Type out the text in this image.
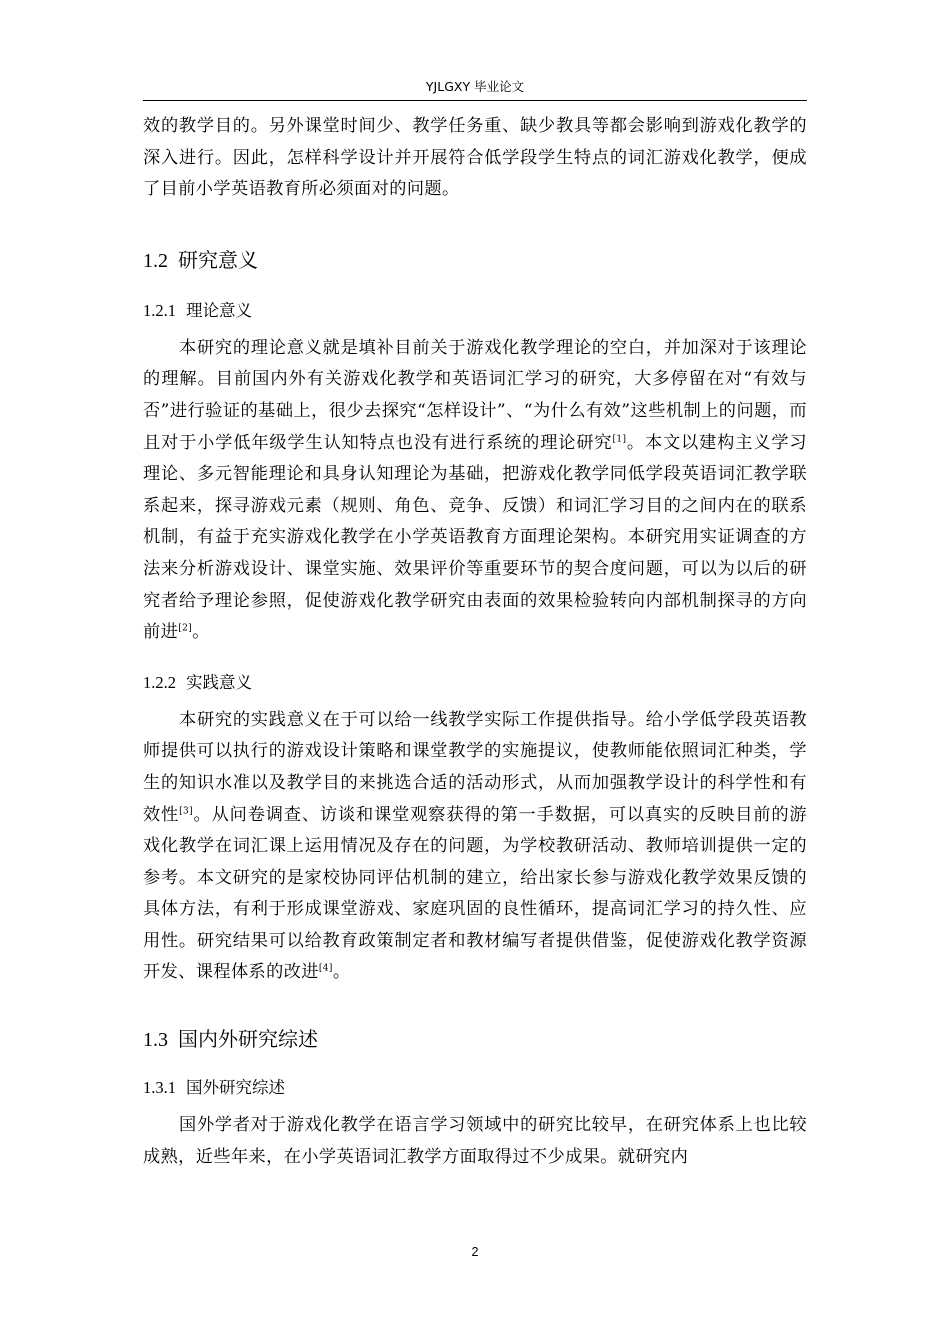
YJLGXY 毕业论文

效的教学目的。另外课堂时间少、教学任务重、缺少教具等都会影响到游戏化教学的深入进行。因此，怎样科学设计并开展符合低学段学生特点的词汇游戏化教学，便成了目前小学英语教育所必须面对的问题。

1.2 研究意义
1.2.1 理论意义

本研究的理论意义就是填补目前关于游戏化教学理论的空白，并加深对于该理论的理解。目前国内外有关游戏化教学和英语词汇学习的研究，大多停留在对“有效与否”进行验证的基础上，很少去探究“怎样设计”、“为什么有效”这些机制上的问题，而且对于小学低年级学生认知特点也没有进行系统的理论研究[1]。本文以建构主义学习理论、多元智能理论和具身认知理论为基础，把游戏化教学同低学段英语词汇教学联系起来，探寻游戏元素（规则、角色、竞争、反馈）和词汇学习目的之间内在的联系机制，有益于充实游戏化教学在小学英语教育方面理论架构。本研究用实证调查的方法来分析游戏设计、课堂实施、效果评价等重要环节的契合度问题，可以为以后的研究者给予理论参照，促使游戏化教学研究由表面的效果检验转向内部机制探寻的方向前进[2]。

1.2.2 实践意义

本研究的实践意义在于可以给一线教学实际工作提供指导。给小学低学段英语教师提供可以执行的游戏设计策略和课堂教学的实施提议，使教师能依照词汇种类，学生的知识水准以及教学目的来挑选合适的活动形式，从而加强教学设计的科学性和有效性[3]。从问卷调查、访谈和课堂观察获得的第一手数据，可以真实的反映目前的游戏化教学在词汇课上运用情况及存在的问题，为学校教研活动、教师培训提供一定的参考。本文研究的是家校协同评估机制的建立，给出家长参与游戏化教学效果反馈的具体方法，有利于形成课堂游戏、家庭巩固的良性循环，提高词汇学习的持久性、应用性。研究结果可以给教育政策制定者和教材编写者提供借鉴，促使游戏化教学资源开发、课程体系的改进[4]。

1.3 国内外研究综述
1.3.1 国外研究综述

国外学者对于游戏化教学在语言学习领域中的研究比较早，在研究体系上也比较成熟，近些年来，在小学英语词汇教学方面取得过不少成果。就研究内

2
